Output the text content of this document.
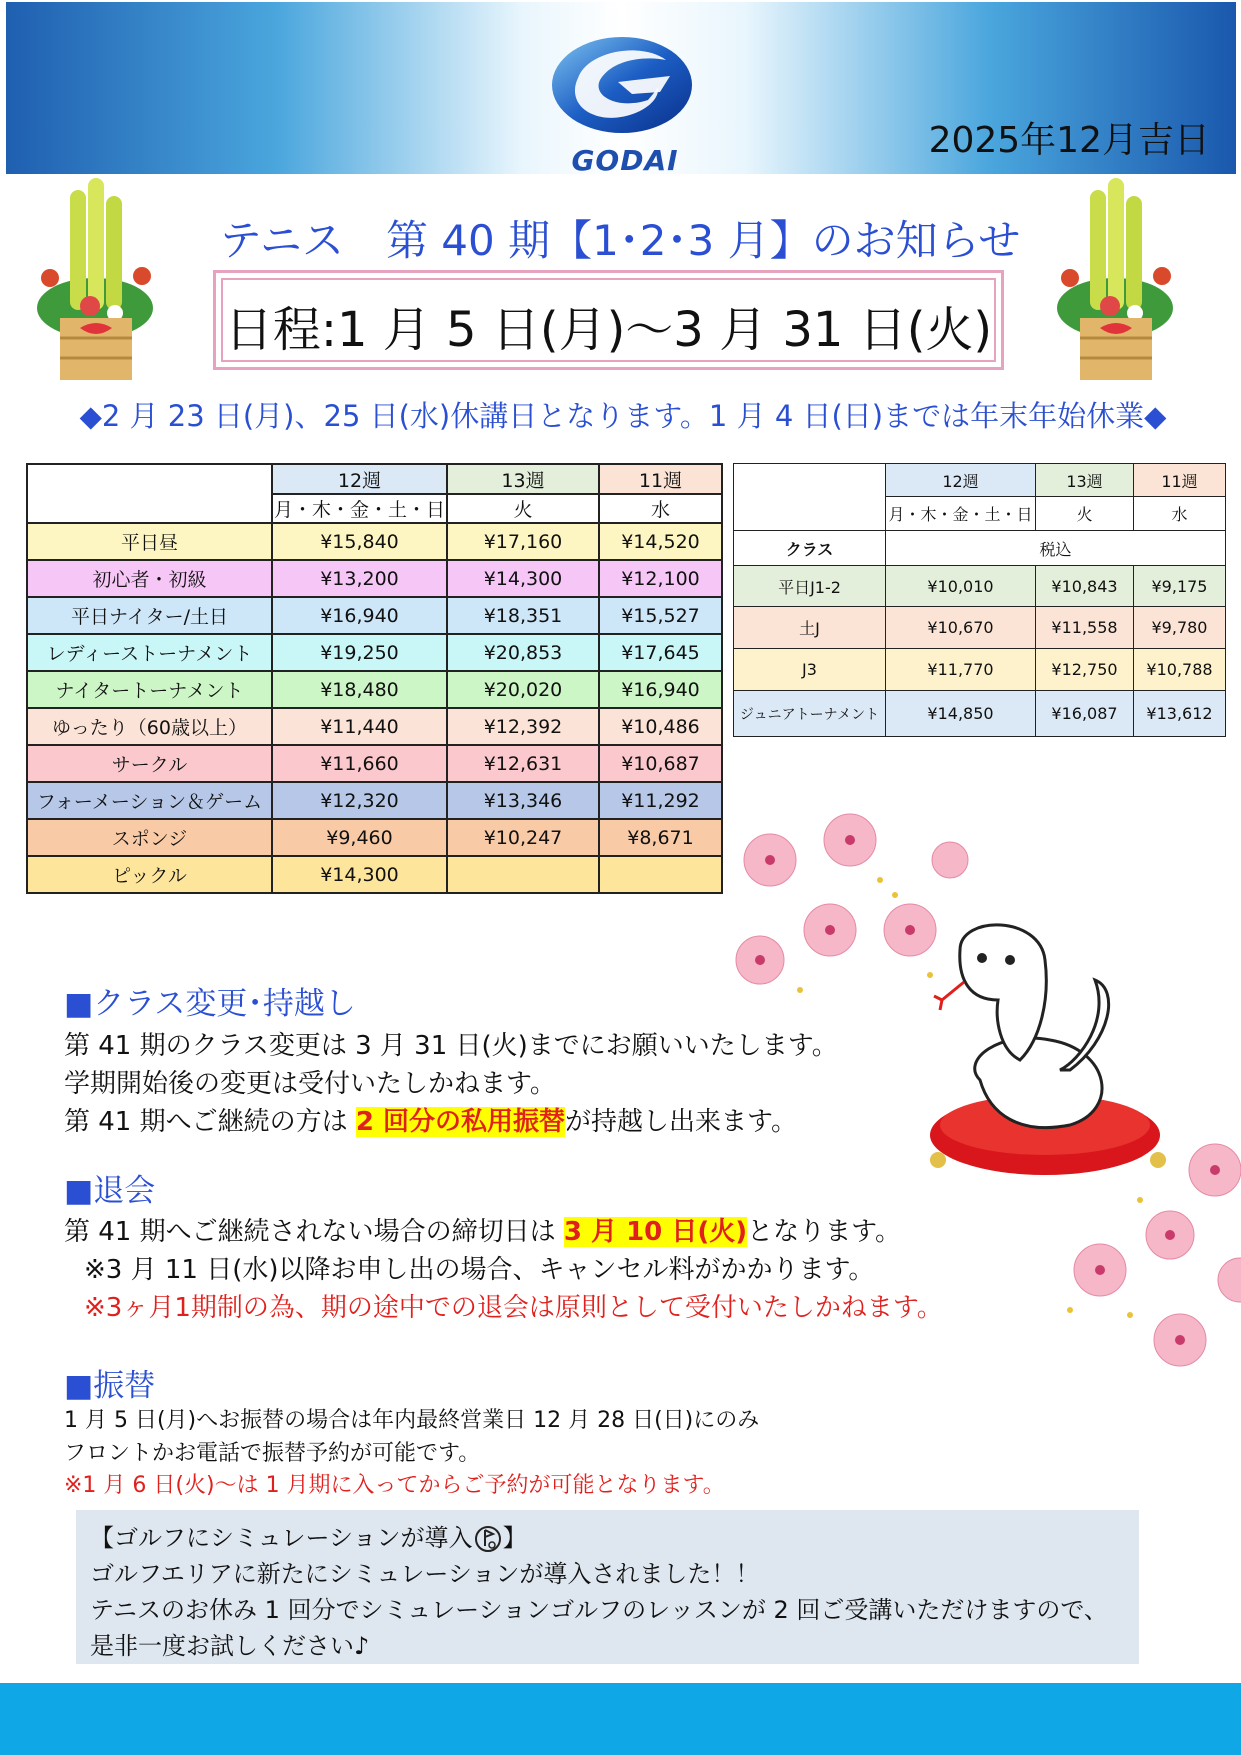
GODAI	2025年12月吉日
テニス　第 40 期【1･2･3 月】のお知らせ
日程:1 月 5 日(月)～3 月 31 日(火)
◆2 月 23 日(月)、25 日(水)休講日となります。1 月 4 日(日)までは年末年始休業◆
	12週	13週	11週
	月・木・金・土・日	火	水
平日昼	¥15,840	¥17,160	¥14,520
初心者・初級	¥13,200	¥14,300	¥12,100
平日ナイター/土日	¥16,940	¥18,351	¥15,527
レディーストーナメント	¥19,250	¥20,853	¥17,645
ナイタートーナメント	¥18,480	¥20,020	¥16,940
ゆったり（60歳以上）	¥11,440	¥12,392	¥10,486
サークル	¥11,660	¥12,631	¥10,687
フォーメーション＆ゲーム	¥12,320	¥13,346	¥11,292
スポンジ	¥9,460	¥10,247	¥8,671
ピックル	¥14,300		
	12週	13週	11週
	月・木・金・土・日	火	水
クラス	税込		
平日J1-2	¥10,010	¥10,843	¥9,175
土J	¥10,670	¥11,558	¥9,780
J3	¥11,770	¥12,750	¥10,788
ジュニアトーナメント	¥14,850	¥16,087	¥13,612
■クラス変更･持越し
第 41 期のクラス変更は 3 月 31 日(火)までにお願いいたします。
学期開始後の変更は受付いたしかねます。
第 41 期へご継続の方は 2 回分の私用振替が持越し出来ます。
■退会
第 41 期へご継続されない場合の締切日は 3 月 10 日(火)となります。
※3 月 11 日(水)以降お申し出の場合、キャンセル料がかかります。
※3ヶ月1期制の為、期の途中での退会は原則として受付いたしかねます。
■振替
1 月 5 日(月)へお振替の場合は年内最終営業日 12 月 28 日(日)にのみ
フロントかお電話で振替予約が可能です。
※1 月 6 日(火)～は 1 月期に入ってからご予約が可能となります。
【ゴルフにシミュレーションが導入 】
ゴルフエリアに新たにシミュレーションが導入されました！！
テニスのお休み 1 回分でシミュレーションゴルフのレッスンが 2 回ご受講いただけますので、
是非一度お試しください♪
